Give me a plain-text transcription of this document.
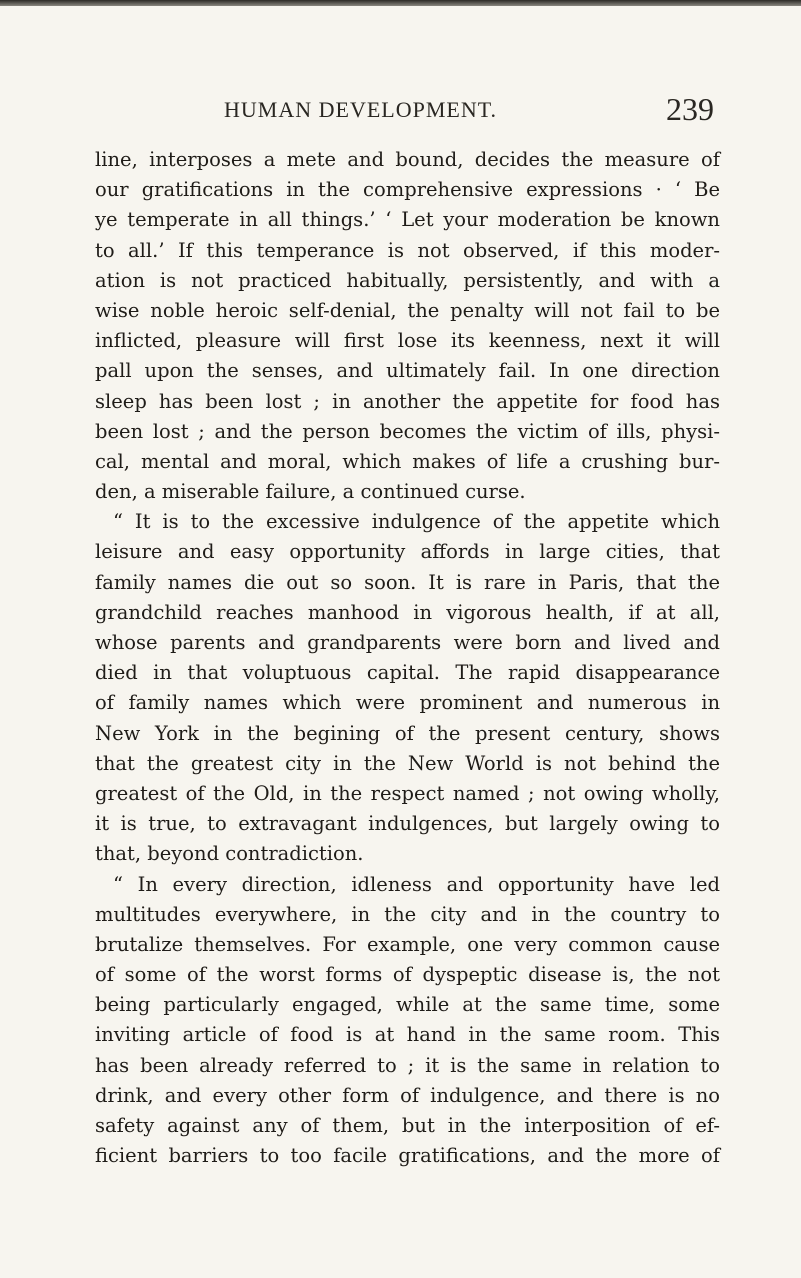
HUMAN DEVELOPMENT.	239
line, interposes a mete and bound, decides the measure of
our gratifications in the comprehensive expressions · ‘ Be
ye temperate in all things.’ ‘ Let your moderation be known
to all.’ If this temperance is not observed, if this moder-
ation is not practiced habitually, persistently, and with a
wise noble heroic self-denial, the penalty will not fail to be
inflicted, pleasure will first lose its keenness, next it will
pall upon the senses, and ultimately fail. In one direction
sleep has been lost ; in another the appetite for food has
been lost ; and the person becomes the victim of ills, physi-
cal, mental and moral, which makes of life a crushing bur-
den, a miserable failure, a continued curse.
“ It is to the excessive indulgence of the appetite which
leisure and easy opportunity affords in large cities, that
family names die out so soon. It is rare in Paris, that the
grandchild reaches manhood in vigorous health, if at all,
whose parents and grandparents were born and lived and
died in that voluptuous capital. The rapid disappearance
of family names which were prominent and numerous in
New York in the begining of the present century, shows
that the greatest city in the New World is not behind the
greatest of the Old, in the respect named ; not owing wholly,
it is true, to extravagant indulgences, but largely owing to
that, beyond contradiction.
“ In every direction, idleness and opportunity have led
multitudes everywhere, in the city and in the country to
brutalize themselves. For example, one very common cause
of some of the worst forms of dyspeptic disease is, the not
being particularly engaged, while at the same time, some
inviting article of food is at hand in the same room. This
has been already referred to ; it is the same in relation to
drink, and every other form of indulgence, and there is no
safety against any of them, but in the interposition of ef-
ficient barriers to too facile gratifications, and the more of
